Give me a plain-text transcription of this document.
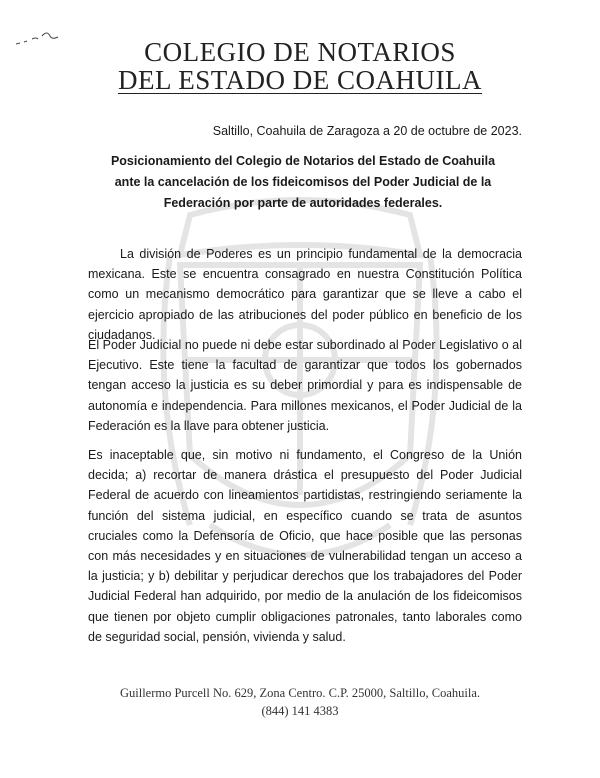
COLEGIO DE NOTARIOS
DEL ESTADO DE COAHUILA
Saltillo, Coahuila de Zaragoza a 20 de octubre de 2023.
Posicionamiento del Colegio de Notarios del Estado de Coahuila ante la cancelación de los fideicomisos del Poder Judicial de la Federación por parte de autoridades federales.

La división de Poderes es un principio fundamental de la democracia mexicana. Este se encuentra consagrado en nuestra Constitución Política como un mecanismo democrático para garantizar que se lleve a cabo el ejercicio apropiado de las atribuciones del poder público en beneficio de los ciudadanos.

El Poder Judicial no puede ni debe estar subordinado al Poder Legislativo o al Ejecutivo. Este tiene la facultad de garantizar que todos los gobernados tengan acceso la justicia es su deber primordial y para es indispensable de autonomía e independencia. Para millones mexicanos, el Poder Judicial de la Federación es la llave para obtener justicia.

Es inaceptable que, sin motivo ni fundamento, el Congreso de la Unión decida; a) recortar de manera drástica el presupuesto del Poder Judicial Federal de acuerdo con lineamientos partidistas, restringiendo seriamente la función del sistema judicial, en específico cuando se trata de asuntos cruciales como la Defensoría de Oficio, que hace posible que las personas con más necesidades y en situaciones de vulnerabilidad tengan un acceso a la justicia; y b) debilitar y perjudicar derechos que los trabajadores del Poder Judicial Federal han adquirido, por medio de la anulación de los fideicomisos que tienen por objeto cumplir obligaciones patronales, tanto laborales como de seguridad social, pensión, vivienda y salud.

Guillermo Purcell No. 629, Zona Centro. C.P. 25000, Saltillo, Coahuila.
(844) 141 4383
